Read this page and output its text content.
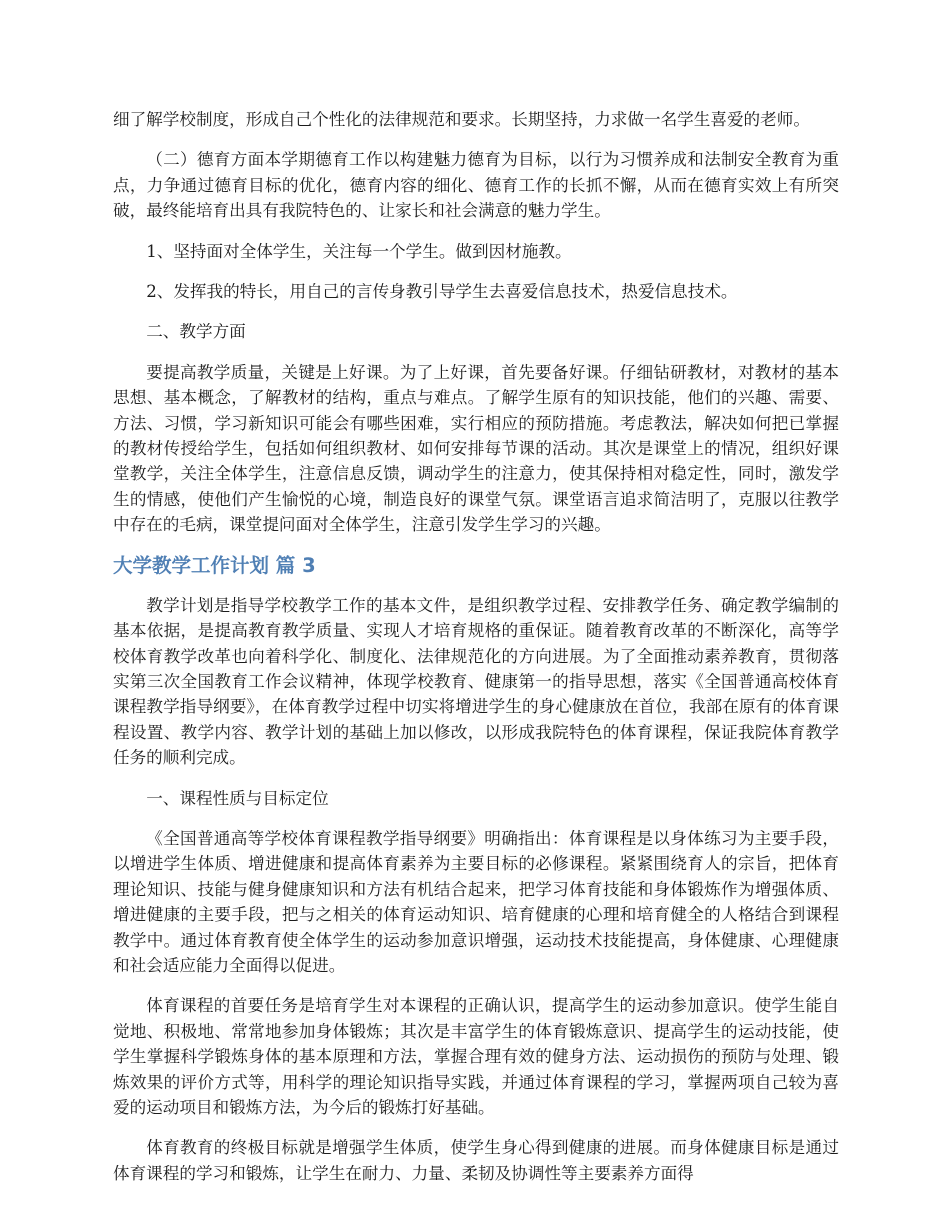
细了解学校制度，形成自己个性化的法律规范和要求。长期坚持，力求做一名学生喜爱的老师。

（二）德育方面本学期德育工作以构建魅力德育为目标，以行为习惯养成和法制安全教育为重点，力争通过德育目标的优化，德育内容的细化、德育工作的长抓不懈，从而在德育实效上有所突破，最终能培育出具有我院特色的、让家长和社会满意的魅力学生。

1、坚持面对全体学生，关注每一个学生。做到因材施教。

2、发挥我的特长，用自己的言传身教引导学生去喜爱信息技术，热爱信息技术。

二、教学方面

要提高教学质量，关键是上好课。为了上好课，首先要备好课。仔细钻研教材，对教材的基本思想、基本概念，了解教材的结构，重点与难点。了解学生原有的知识技能，他们的兴趣、需要、方法、习惯，学习新知识可能会有哪些困难，实行相应的预防措施。考虑教法，解决如何把已掌握的教材传授给学生，包括如何组织教材、如何安排每节课的活动。其次是课堂上的情况，组织好课堂教学，关注全体学生，注意信息反馈，调动学生的注意力，使其保持相对稳定性，同时，激发学生的情感，使他们产生愉悦的心境，制造良好的课堂气氛。课堂语言追求简洁明了，克服以往教学中存在的毛病，课堂提问面对全体学生，注意引发学生学习的兴趣。

大学教学工作计划 篇 3

教学计划是指导学校教学工作的基本文件，是组织教学过程、安排教学任务、确定教学编制的基本依据，是提高教育教学质量、实现人才培育规格的重保证。随着教育改革的不断深化，高等学校体育教学改革也向着科学化、制度化、法律规范化的方向进展。为了全面推动素养教育，贯彻落实第三次全国教育工作会议精神，体现学校教育、健康第一的指导思想，落实《全国普通高校体育课程教学指导纲要》，在体育教学过程中切实将增进学生的身心健康放在首位，我部在原有的体育课程设置、教学内容、教学计划的基础上加以修改，以形成我院特色的体育课程，保证我院体育教学任务的顺利完成。

一、课程性质与目标定位

《全国普通高等学校体育课程教学指导纲要》明确指出：体育课程是以身体练习为主要手段，以增进学生体质、增进健康和提高体育素养为主要目标的必修课程。紧紧围绕育人的宗旨，把体育理论知识、技能与健身健康知识和方法有机结合起来，把学习体育技能和身体锻炼作为增强体质、增进健康的主要手段，把与之相关的体育运动知识、培育健康的心理和培育健全的人格结合到课程教学中。通过体育教育使全体学生的运动参加意识增强，运动技术技能提高，身体健康、心理健康和社会适应能力全面得以促进。

体育课程的首要任务是培育学生对本课程的正确认识，提高学生的运动参加意识。使学生能自觉地、积极地、常常地参加身体锻炼；其次是丰富学生的体育锻炼意识、提高学生的运动技能，使学生掌握科学锻炼身体的基本原理和方法，掌握合理有效的健身方法、运动损伤的预防与处理、锻炼效果的评价方式等，用科学的理论知识指导实践，并通过体育课程的学习，掌握两项自己较为喜爱的运动项目和锻炼方法，为今后的锻炼打好基础。

体育教育的终极目标就是增强学生体质，使学生身心得到健康的进展。而身体健康目标是通过体育课程的学习和锻炼，让学生在耐力、力量、柔韧及协调性等主要素养方面得
